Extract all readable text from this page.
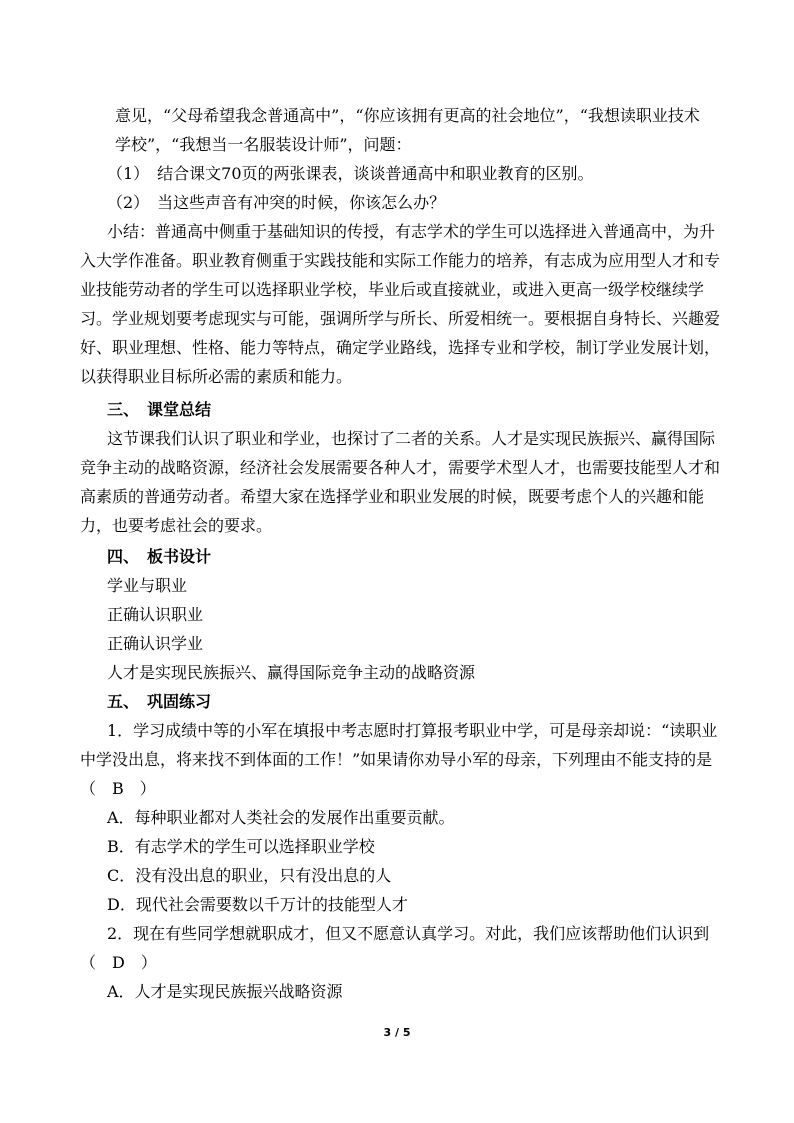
意见，“父母希望我念普通高中”，“你应该拥有更高的社会地位”，“我想读职业技术
学校”，“我想当一名服装设计师”，问题：
（1）　结合课文70页的两张课表，谈谈普通高中和职业教育的区别。
（2）　当这些声音有冲突的时候，你该怎么办？
小结：普通高中侧重于基础知识的传授，有志学术的学生可以选择进入普通高中，为升
入大学作准备。职业教育侧重于实践技能和实际工作能力的培养，有志成为应用型人才和专
业技能劳动者的学生可以选择职业学校，毕业后或直接就业，或进入更高一级学校继续学
习。学业规划要考虑现实与可能，强调所学与所长、所爱相统一。要根据自身特长、兴趣爱
好、职业理想、性格、能力等特点，确定学业路线，选择专业和学校，制订学业发展计划，
以获得职业目标所必需的素质和能力。
三、　课堂总结
这节课我们认识了职业和学业，也探讨了二者的关系。人才是实现民族振兴、赢得国际
竞争主动的战略资源，经济社会发展需要各种人才，需要学术型人才，也需要技能型人才和
高素质的普通劳动者。希望大家在选择学业和职业发展的时候，既要考虑个人的兴趣和能
力，也要考虑社会的要求。
四、　板书设计
学业与职业
正确认识职业
正确认识学业
人才是实现民族振兴、赢得国际竞争主动的战略资源
五、　巩固练习
1．学习成绩中等的小军在填报中考志愿时打算报考职业中学，可是母亲却说：“读职业
中学没出息，将来找不到体面的工作！”如果请你劝导小军的母亲，下列理由不能支持的是
（　B　）
A．每种职业都对人类社会的发展作出重要贡献。
B．有志学术的学生可以选择职业学校
C．没有没出息的职业，只有没出息的人
D．现代社会需要数以千万计的技能型人才
2．现在有些同学想就职成才，但又不愿意认真学习。对此，我们应该帮助他们认识到
（　D　）
A．人才是实现民族振兴战略资源
3 / 5
